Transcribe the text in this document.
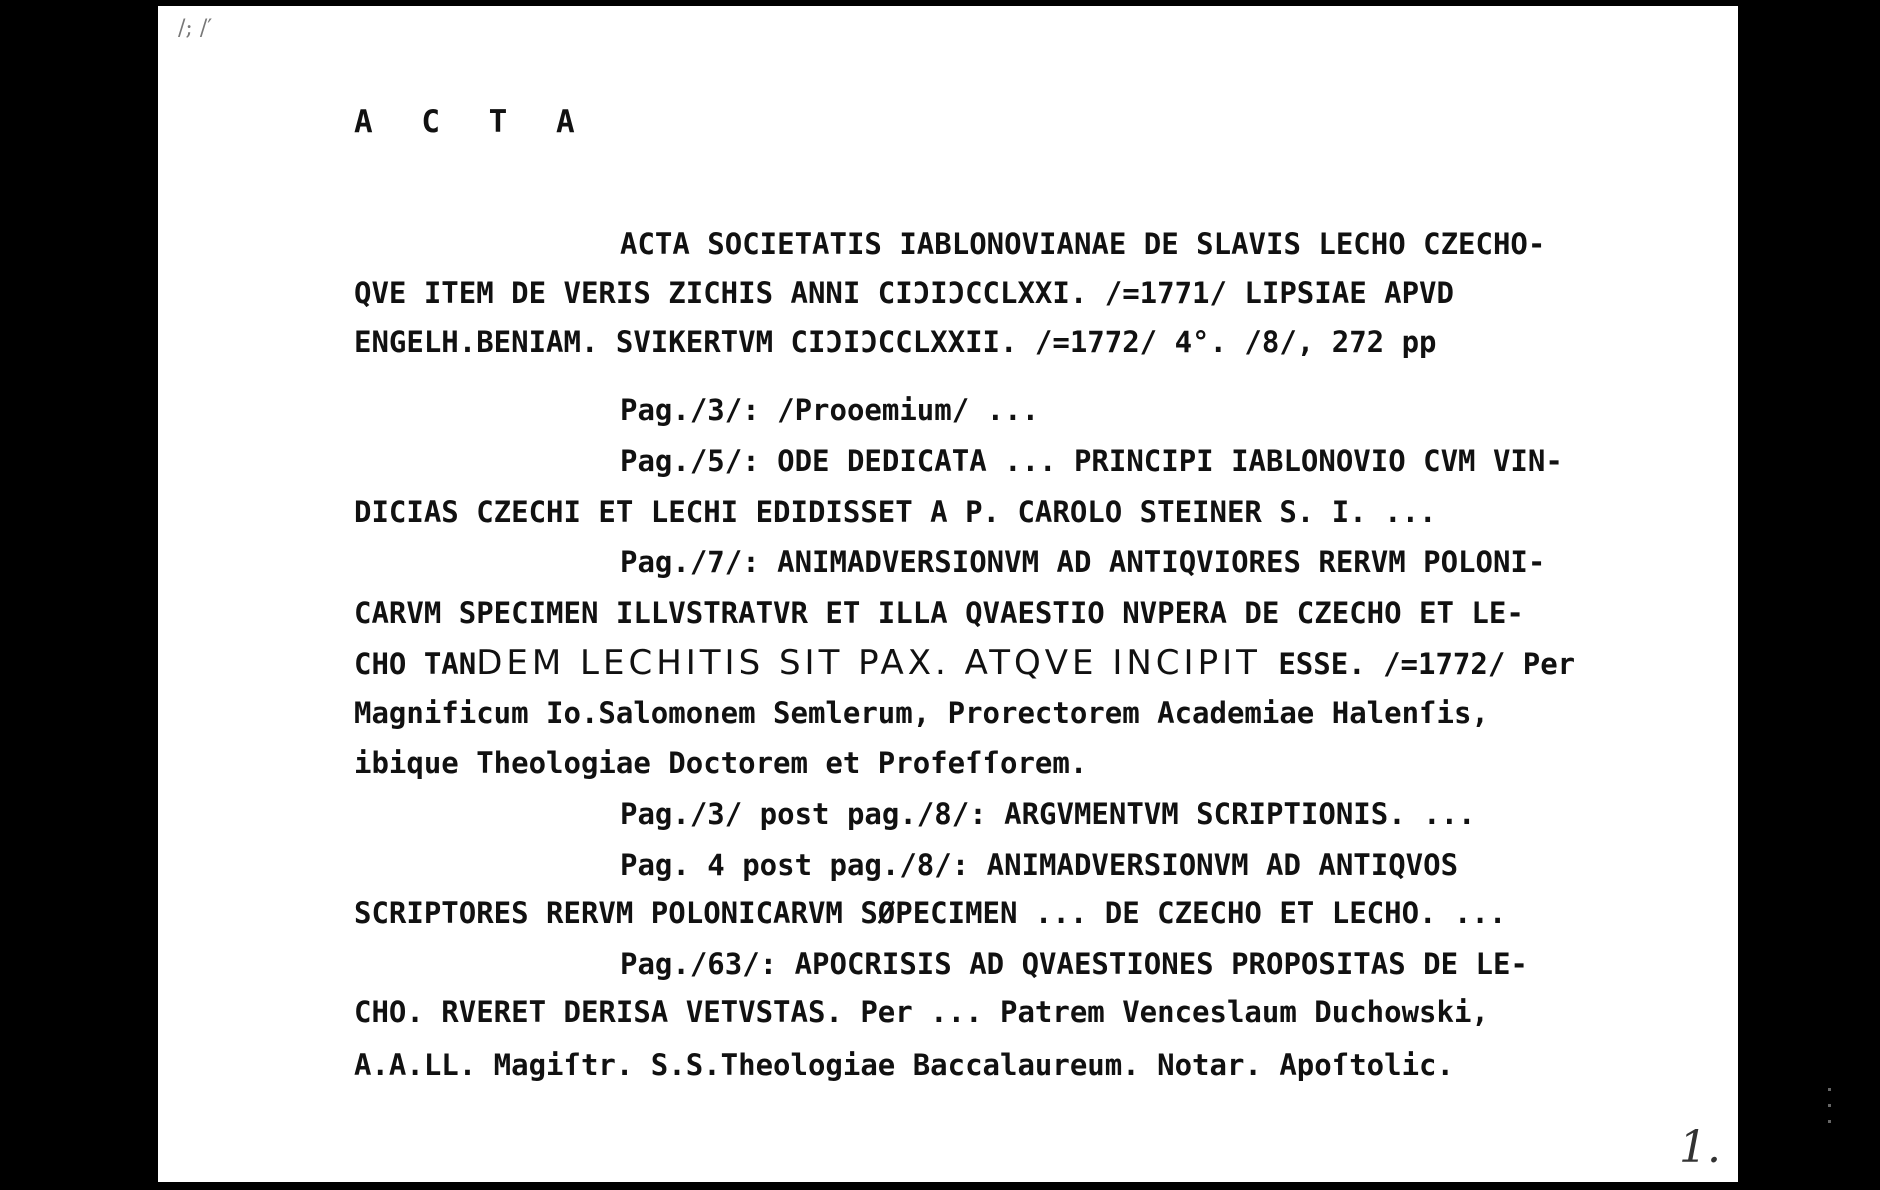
/; /′
A C T A
ACTA SOCIETATIS IABLONOVIANAE DE SLAVIS LECHO CZECHO-
QVE ITEM DE VERIS ZICHIS ANNI CIƆIƆCCLXXI. /=1771/ LIPSIAE APVD
ENGELH.BENIAM. SVIKERTVM CIƆIƆCCLXXII. /=1772/ 4°. /8/, 272 pp
Pag./3/: /Prooemium/ ...
Pag./5/: ODE DEDICATA ... PRINCIPI IABLONOVIO CVM VIN-
DICIAS CZECHI ET LECHI EDIDISSET A P. CAROLO STEINER S. I. ...
Pag./7/: ANIMADVERSIONVM AD ANTIQVIORES RERVM POLONI-
CARVM SPECIMEN ILLVSTRATVR ET ILLA QVAESTIO NVPERA DE CZECHO ET LE-
CHO TANDEM LECHITIS SIT PAX. ATQVE INCIPIT ESSE. /=1772/ Per
Magnificum Io.Salomonem Semlerum, Prorectorem Academiae Halenſis,
ibique Theologiae Doctorem et Profeſſorem.
Pag./3/ post pag./8/: ARGVMENTVM SCRIPTIONIS. ...
Pag. 4 post pag./8/: ANIMADVERSIONVM AD ANTIQVOS
SCRIPTORES RERVM POLONICARVM SØPECIMEN ... DE CZECHO ET LECHO. ...
Pag./63/: APOCRISIS AD QVAESTIONES PROPOSITAS DE LE-
CHO. RVERET DERISA VETVSTAS. Per ... Patrem Venceslaum Duchowski,
A.A.LL. Magiſtr. S.S.Theologiae Baccalaureum. Notar. Apoſtolic.
1.
